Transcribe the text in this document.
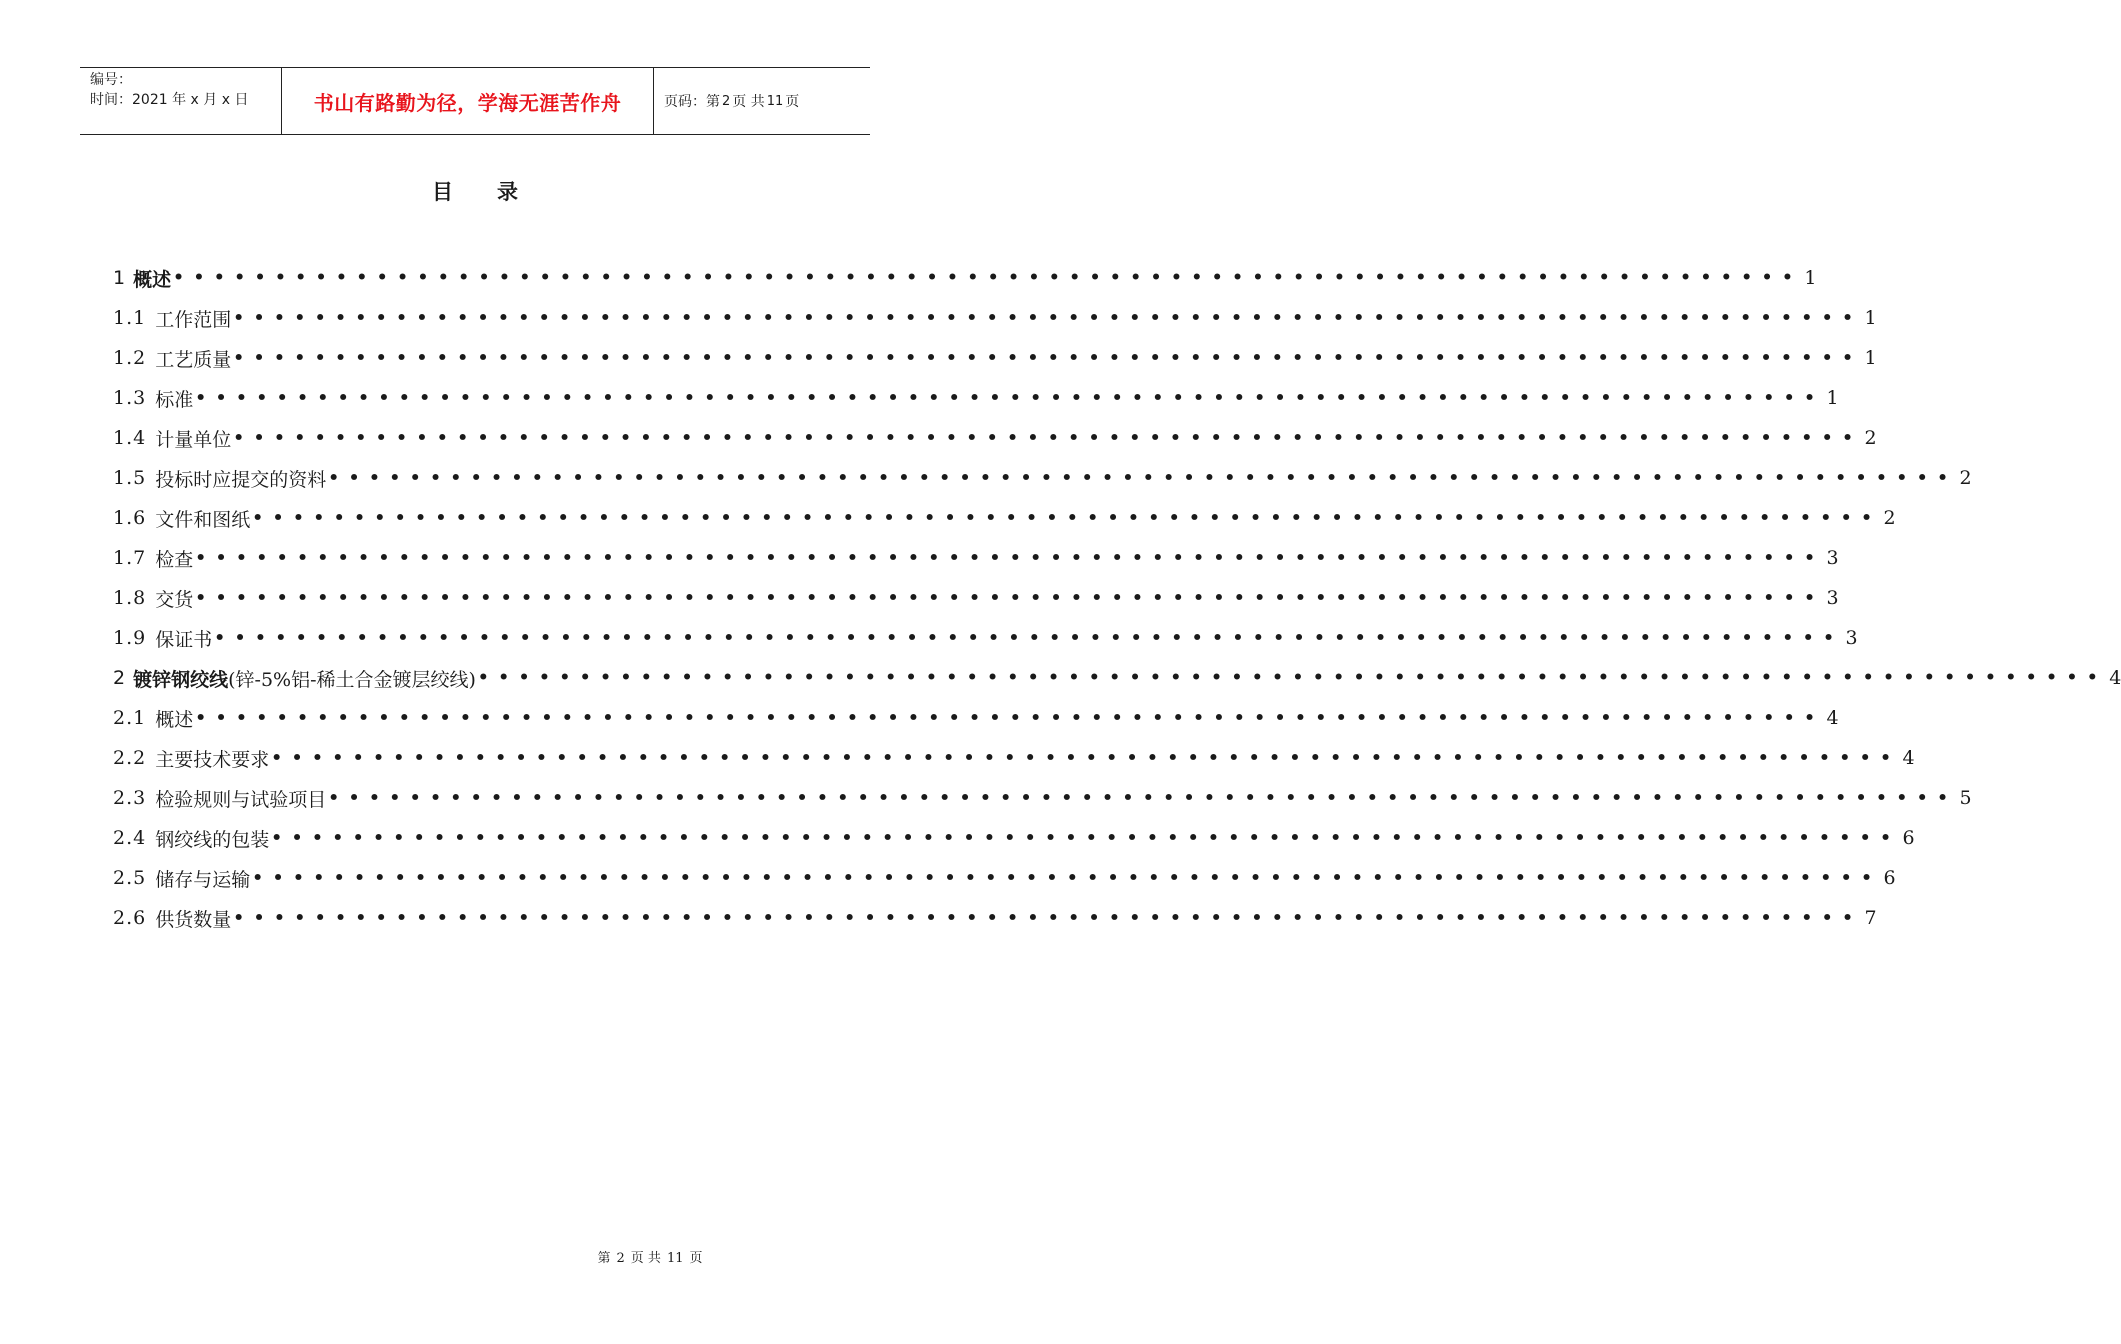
编号：
时间：2021 年 x 月 x 日	书山有路勤为径，学海无涯苦作舟	页码：第 2 页 共 11 页
目 录
1 概述 •••••••••••••••••••••••••••••••••••••••••••••••••••••••••••••••••••••••••••••••• 1
1.1 工作范围 •••••••••••••••••••••••••••••••••••••••••••••••••••••••••••••••••••••••••••••••• 1
1.2 工艺质量 •••••••••••••••••••••••••••••••••••••••••••••••••••••••••••••••••••••••••••••••• 1
1.3 标准 •••••••••••••••••••••••••••••••••••••••••••••••••••••••••••••••••••••••••••••••• 1
1.4 计量单位 •••••••••••••••••••••••••••••••••••••••••••••••••••••••••••••••••••••••••••••••• 2
1.5 投标时应提交的资料 •••••••••••••••••••••••••••••••••••••••••••••••••••••••••••••••••••••••••••••••• 2
1.6 文件和图纸 •••••••••••••••••••••••••••••••••••••••••••••••••••••••••••••••••••••••••••••••• 2
1.7 检查 •••••••••••••••••••••••••••••••••••••••••••••••••••••••••••••••••••••••••••••••• 3
1.8 交货 •••••••••••••••••••••••••••••••••••••••••••••••••••••••••••••••••••••••••••••••• 3
1.9 保证书 •••••••••••••••••••••••••••••••••••••••••••••••••••••••••••••••••••••••••••••••• 3
2 镀锌钢绞线 (锌-5%铝-稀土合金镀层绞线) •••••••••••••••••••••••••••••••••••••••••••••••••••••••••••••••••••••••••••••••• 4
2.1 概述 •••••••••••••••••••••••••••••••••••••••••••••••••••••••••••••••••••••••••••••••• 4
2.2 主要技术要求 •••••••••••••••••••••••••••••••••••••••••••••••••••••••••••••••••••••••••••••••• 4
2.3 检验规则与试验项目 •••••••••••••••••••••••••••••••••••••••••••••••••••••••••••••••••••••••••••••••• 5
2.4 钢绞线的包装 •••••••••••••••••••••••••••••••••••••••••••••••••••••••••••••••••••••••••••••••• 6
2.5 储存与运输 •••••••••••••••••••••••••••••••••••••••••••••••••••••••••••••••••••••••••••••••• 6
2.6 供货数量 •••••••••••••••••••••••••••••••••••••••••••••••••••••••••••••••••••••••••••••••• 7
第 2 页 共 11 页
